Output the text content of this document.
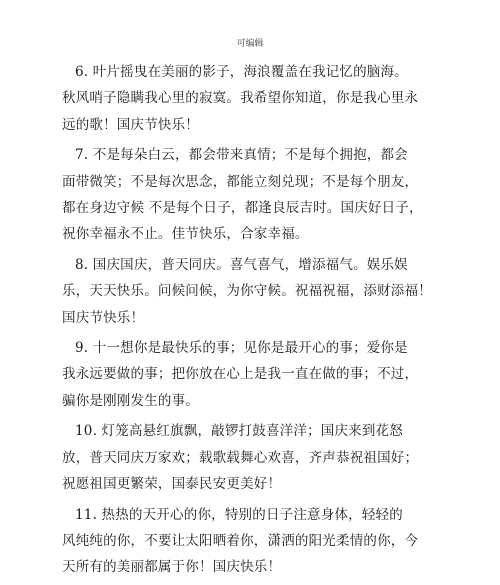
可编辑

6. 叶片摇曳在美丽的影子，海浪覆盖在我记忆的脑海。
秋风哨子隐瞒我心里的寂寞。我希望你知道，你是我心里永
远的歌！国庆节快乐！

7. 不是每朵白云，都会带来真情；不是每个拥抱，都会
面带微笑；不是每次思念，都能立刻兑现；不是每个朋友，
都在身边守候 不是每个日子，都逢良辰吉时。国庆好日子，
祝你幸福永不止。佳节快乐，合家幸福。

8. 国庆国庆，普天同庆。喜气喜气，增添福气。娱乐娱
乐，天天快乐。问候问候，为你守候。祝福祝福，添财添福！
国庆节快乐！

9. 十一想你是最快乐的事；见你是最开心的事；爱你是
我永远要做的事；把你放在心上是我一直在做的事；不过，
骗你是刚刚发生的事。

10. 灯笼高悬红旗飘，敲锣打鼓喜洋洋；国庆来到花怒
放，普天同庆万家欢；载歌载舞心欢喜，齐声恭祝祖国好；
祝愿祖国更繁荣，国泰民安更美好！

11. 热热的天开心的你，特别的日子注意身体，轻轻的
风纯纯的你，不要让太阳晒着你，潇洒的阳光柔情的你，今
天所有的美丽都属于你！国庆快乐！
